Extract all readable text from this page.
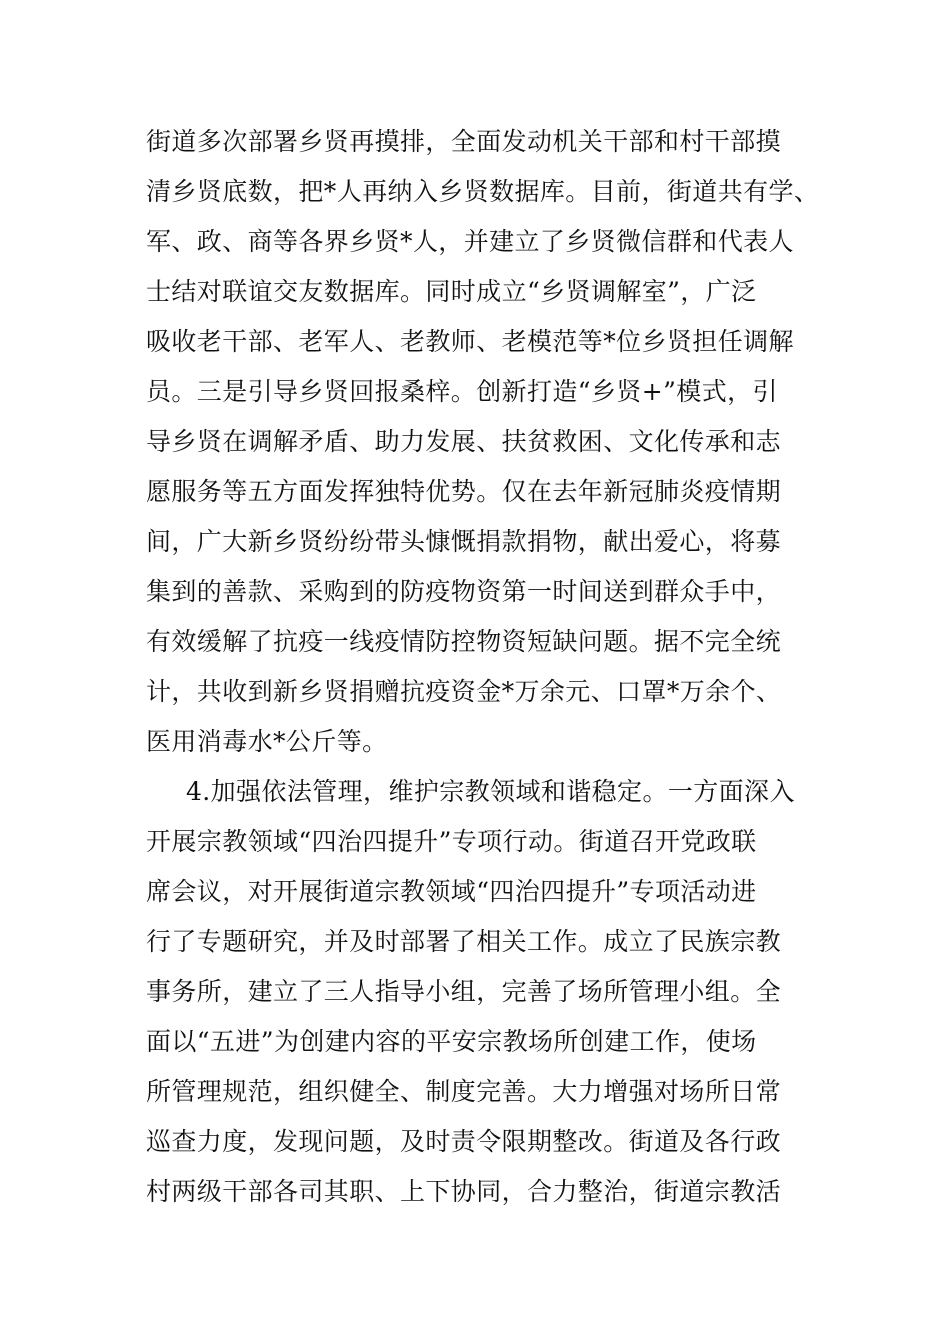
街道多次部署乡贤再摸排，全面发动机关干部和村干部摸
清乡贤底数，把*人再纳入乡贤数据库。目前，街道共有学、
军、政、商等各界乡贤*人，并建立了乡贤微信群和代表人
士结对联谊交友数据库。同时成立“乡贤调解室”，广泛
吸收老干部、老军人、老教师、老模范等*位乡贤担任调解
员。三是引导乡贤回报桑梓。创新打造“乡贤+”模式，引
导乡贤在调解矛盾、助力发展、扶贫救困、文化传承和志
愿服务等五方面发挥独特优势。仅在去年新冠肺炎疫情期
间，广大新乡贤纷纷带头慷慨捐款捐物，献出爱心，将募
集到的善款、采购到的防疫物资第一时间送到群众手中，
有效缓解了抗疫一线疫情防控物资短缺问题。据不完全统
计，共收到新乡贤捐赠抗疫资金*万余元、口罩*万余个、
医用消毒水*公斤等。
4.加强依法管理，维护宗教领域和谐稳定。一方面深入
开展宗教领域“四治四提升”专项行动。街道召开党政联
席会议，对开展街道宗教领域“四治四提升”专项活动进
行了专题研究，并及时部署了相关工作。成立了民族宗教
事务所，建立了三人指导小组，完善了场所管理小组。全
面以“五进”为创建内容的平安宗教场所创建工作，使场
所管理规范，组织健全、制度完善。大力增强对场所日常
巡查力度，发现问题，及时责令限期整改。街道及各行政
村两级干部各司其职、上下协同，合力整治，街道宗教活
